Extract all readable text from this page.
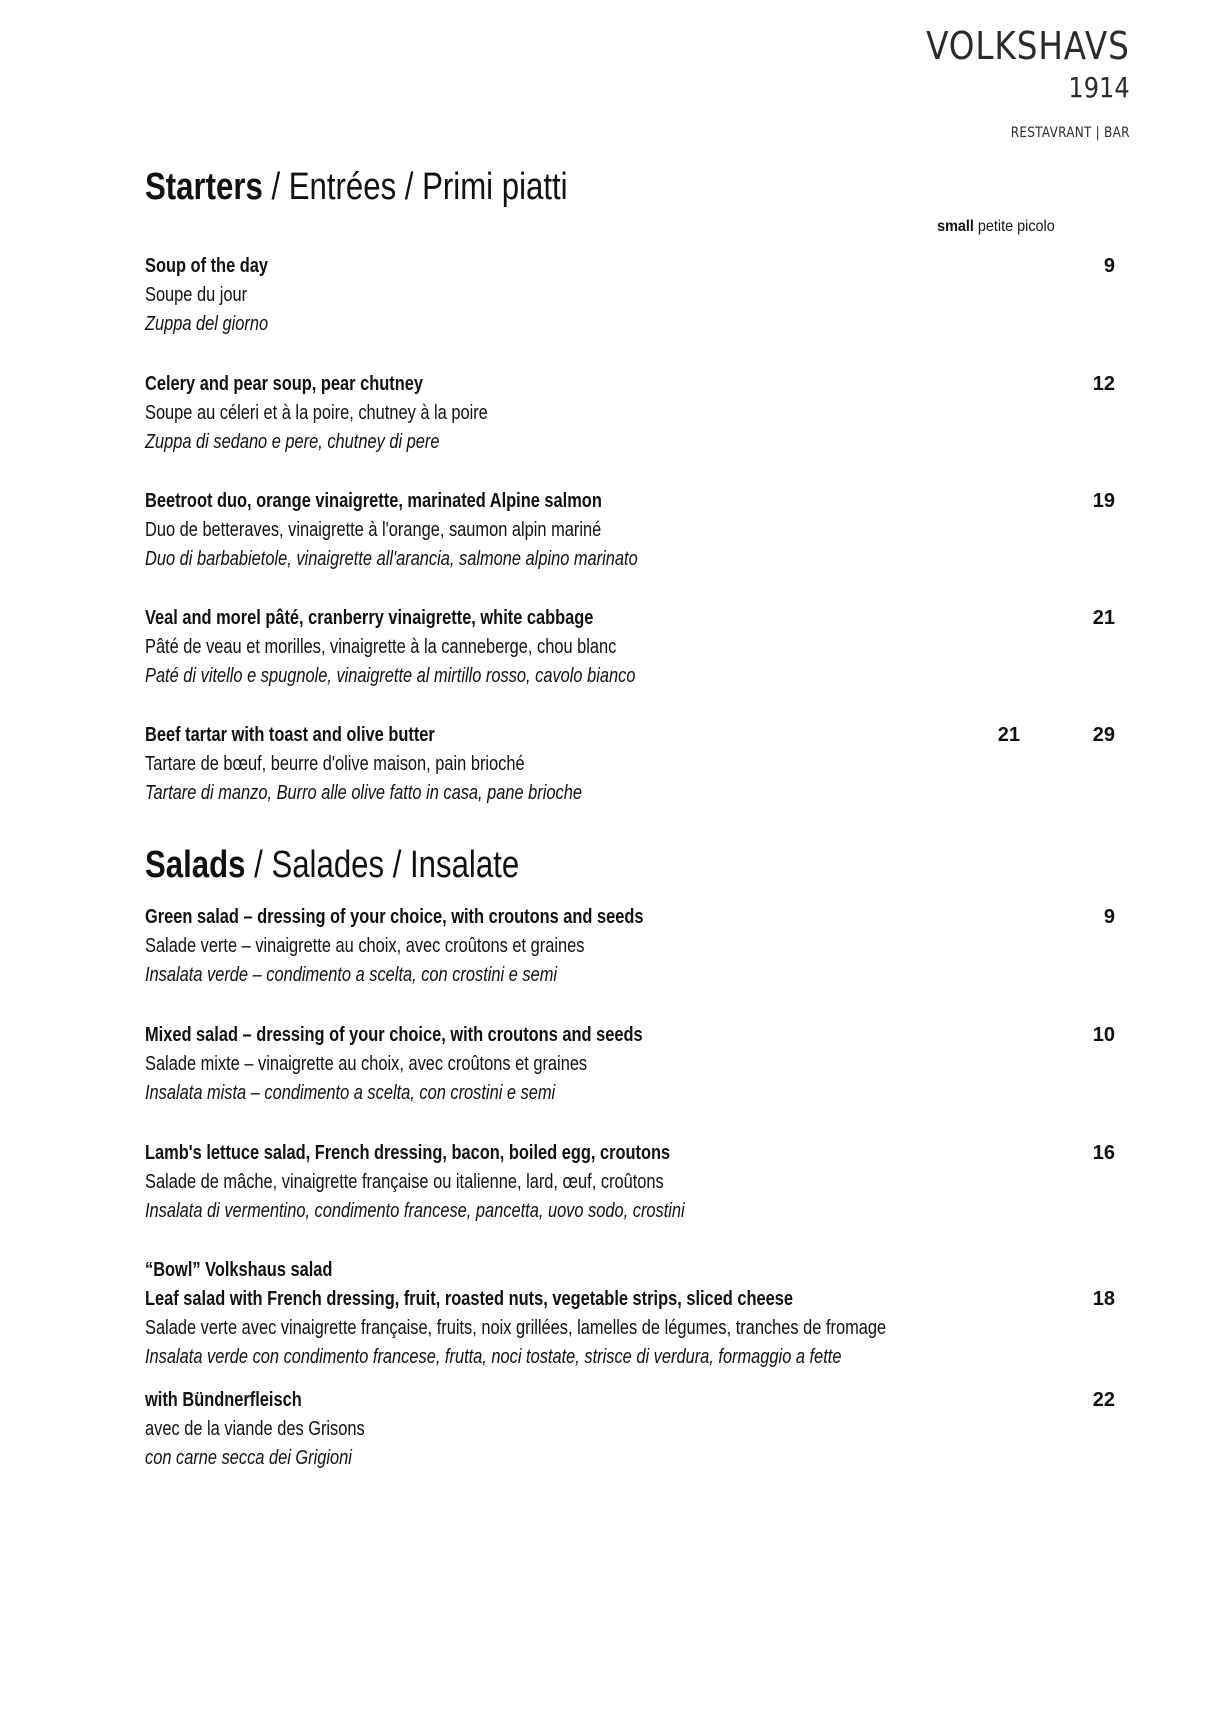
VOLKSHAVS
1914
RESTAVRANT | BAR
Starters / Entrées / Primi piatti
small petite picolo
Soup of the day
Soupe du jour
Zuppa del giorno
9
Celery and pear soup, pear chutney
Soupe au céleri et à la poire, chutney à la poire
Zuppa di sedano e pere, chutney di pere
12
Beetroot duo, orange vinaigrette, marinated Alpine salmon
Duo de betteraves, vinaigrette à l'orange, saumon alpin mariné
Duo di barbabietole, vinaigrette all'arancia, salmone alpino marinato
19
Veal and morel pâté, cranberry vinaigrette, white cabbage
Pâté de veau et morilles, vinaigrette à la canneberge, chou blanc
Paté di vitello e spugnole, vinaigrette al mirtillo rosso, cavolo bianco
21
Beef tartar with toast and olive butter
Tartare de bœuf, beurre d'olive maison, pain brioché
Tartare di manzo, Burro alle olive fatto in casa, pane brioche
21	29
Salads / Salades / Insalate
Green salad – dressing of your choice, with croutons and seeds
Salade verte – vinaigrette au choix, avec croûtons et graines
Insalata verde – condimento a scelta, con crostini e semi
9
Mixed salad – dressing of your choice, with croutons and seeds
Salade mixte – vinaigrette au choix, avec croûtons et graines
Insalata mista – condimento a scelta, con crostini e semi
10
Lamb's lettuce salad, French dressing, bacon, boiled egg, croutons
Salade de mâche, vinaigrette française ou italienne, lard, œuf, croûtons
Insalata di vermentino, condimento francese, pancetta, uovo sodo, crostini
16
“Bowl” Volkshaus salad
Leaf salad with French dressing, fruit, roasted nuts, vegetable strips, sliced cheese
Salade verte avec vinaigrette française, fruits, noix grillées, lamelles de légumes, tranches de fromage
Insalata verde con condimento francese, frutta, noci tostate, strisce di verdura, formaggio a fette
18
with Bündnerfleisch
avec de la viande des Grisons
con carne secca dei Grigioni
22
